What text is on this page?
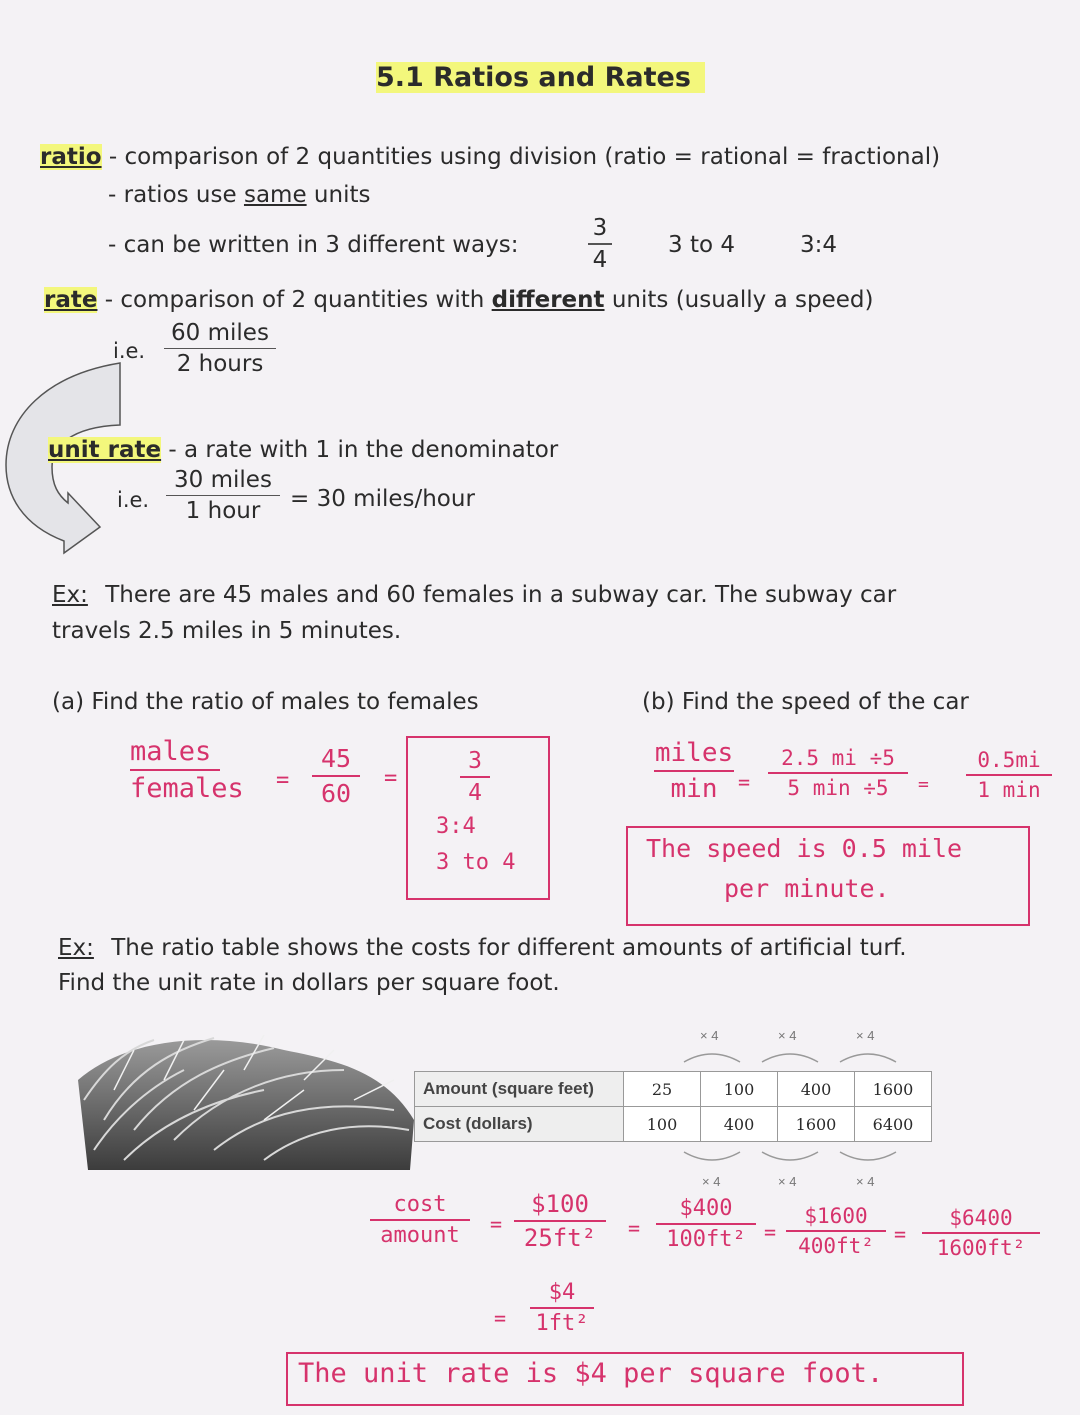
5.1 Ratios and Rates
ratio - comparison of 2 quantities using division (ratio = rational = fractional)
- ratios use same units
- can be written in 3 different ways:
3
4
3 to 4	3:4
rate - comparison of 2 quantities with different units (usually a speed)
i.e.
60 miles
2 hours
unit rate - a rate with 1 in the denominator
i.e.
30 miles
1 hour	= 30 miles/hour
Ex: There are 45 males and 60 females in a subway car. The subway car
travels 2.5 miles in 5 minutes.
(a) Find the ratio of males to females	(b) Find the speed of the car
males
females =
45
60
=
3
4
3:4
3 to 4
miles
min	=
2.5 mi ÷5
5 min ÷5	=
0.5mi
1 min
The speed is 0.5 mile
per minute.
Ex: The ratio table shows the costs for different amounts of artificial turf.
Find the unit rate in dollars per square foot.
× 4	× 4	× 4
× 4	× 4	× 4
Amount (square feet)	25	100	400	1600
Cost (dollars)	100	400	1600	6400
cost
amount	=
$100
25ft²	=
$400
100ft² =
$1600
400ft²	=
$6400
1600ft²
=
$4
1ft²
The unit rate is $4 per square foot.
